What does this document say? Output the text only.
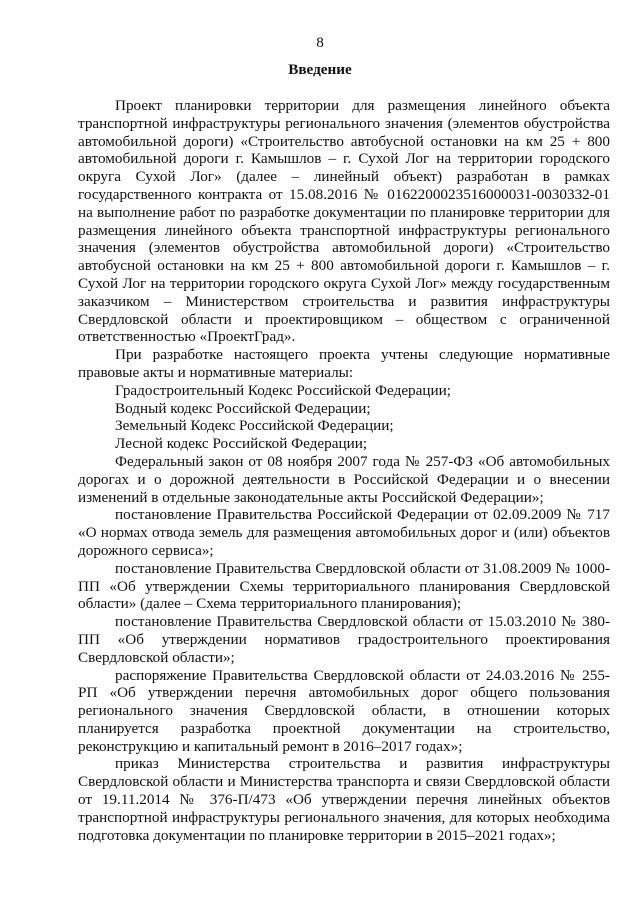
8
Введение

Проект планировки территории для размещения линейного объекта транспортной инфраструктуры регионального значения (элементов обустройства автомобильной дороги) «Строительство автобусной остановки на км 25 + 800 автомобильной дороги г. Камышлов – г. Сухой Лог на территории городского округа Сухой Лог» (далее – линейный объект) разработан в рамках государственного контракта от 15.08.2016 № 0162200023516000031-0030332-01 на выполнение работ по разработке документации по планировке территории для размещения линейного объекта транспортной инфраструктуры регионального значения (элементов обустройства автомобильной дороги) «Строительство автобусной остановки на км 25 + 800 автомобильной дороги г. Камышлов – г. Сухой Лог на территории городского округа Сухой Лог» между государственным заказчиком – Министерством строительства и развития инфраструктуры Свердловской области и проектировщиком – обществом с ограниченной ответственностью «ПроектГрад».

При разработке настоящего проекта учтены следующие нормативные правовые акты и нормативные материалы:

Градостроительный Кодекс Российской Федерации;

Водный кодекс Российской Федерации;

Земельный Кодекс Российской Федерации;

Лесной кодекс Российской Федерации;

Федеральный закон от 08 ноября 2007 года № 257-ФЗ «Об автомобильных дорогах и о дорожной деятельности в Российской Федерации и о внесении изменений в отдельные законодательные акты Российской Федерации»;

постановление Правительства Российской Федерации от 02.09.2009 № 717 «О нормах отвода земель для размещения автомобильных дорог и (или) объектов дорожного сервиса»;

постановление Правительства Свердловской области от 31.08.2009 № 1000-ПП «Об утверждении Схемы территориального планирования Свердловской области» (далее – Схема территориального планирования);

постановление Правительства Свердловской области от 15.03.2010 № 380-ПП «Об утверждении нормативов градостроительного проектирования Свердловской области»;

распоряжение Правительства Свердловской области от 24.03.2016 № 255-РП «Об утверждении перечня автомобильных дорог общего пользования регионального значения Свердловской области, в отношении которых планируется разработка проектной документации на строительство, реконструкцию и капитальный ремонт в 2016–2017 годах»;

приказ Министерства строительства и развития инфраструктуры Свердловской области и Министерства транспорта и связи Свердловской области от 19.11.2014 № 376-П/473 «Об утверждении перечня линейных объектов транспортной инфраструктуры регионального значения, для которых необходима подготовка документации по планировке территории в 2015–2021 годах»;
